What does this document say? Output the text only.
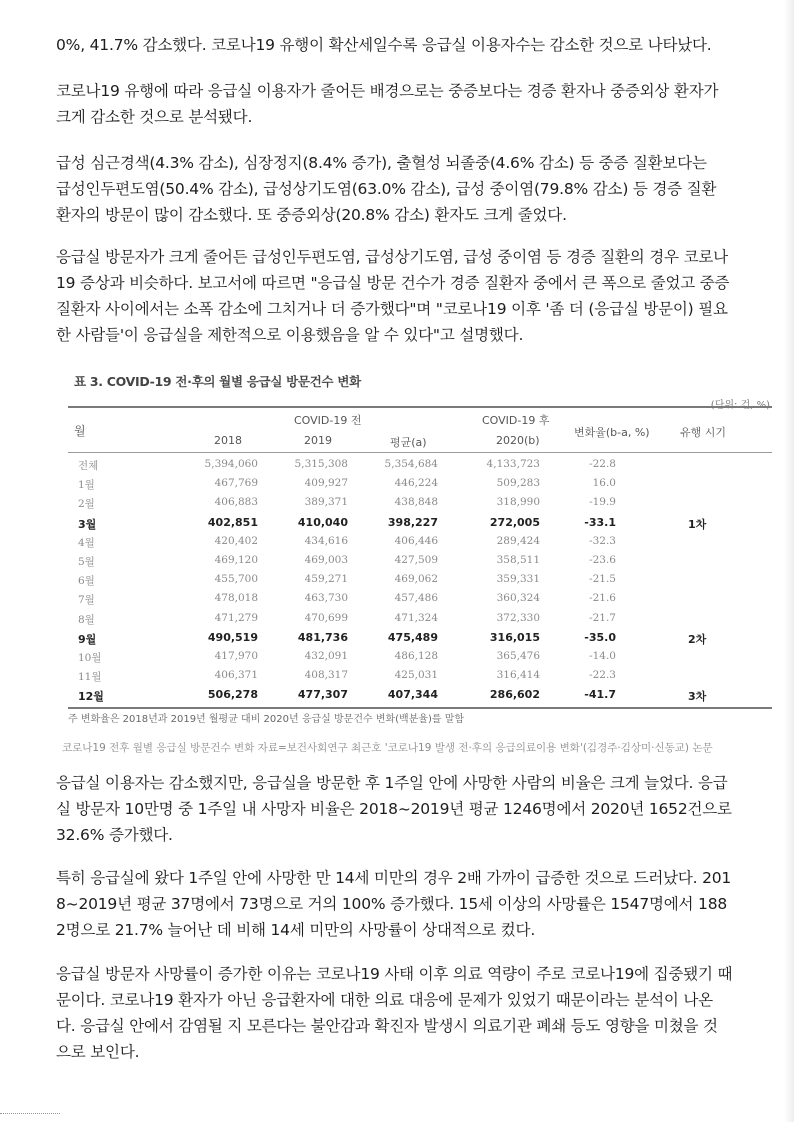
0%, 41.7% 감소했다. 코로나19 유행이 확산세일수록 응급실 이용자수는 감소한 것으로 나타났다.
코로나19 유행에 따라 응급실 이용자가 줄어든 배경으로는 중증보다는 경증 환자나 중증외상 환자가
크게 감소한 것으로 분석됐다.
급성 심근경색(4.3% 감소), 심장정지(8.4% 증가), 출혈성 뇌졸중(4.6% 감소) 등 중증 질환보다는
급성인두편도염(50.4% 감소), 급성상기도염(63.0% 감소), 급성 중이염(79.8% 감소) 등 경증 질환
환자의 방문이 많이 감소했다. 또 중증외상(20.8% 감소) 환자도 크게 줄었다.
응급실 방문자가 크게 줄어든 급성인두편도염, 급성상기도염, 급성 중이염 등 경증 질환의 경우 코로나
19 증상과 비슷하다. 보고서에 따르면 "응급실 방문 건수가 경증 질환자 중에서 큰 폭으로 줄었고 중증
질환자 사이에서는 소폭 감소에 그치거나 더 증가했다"며 "코로나19 이후 '좀 더 (응급실 방문이) 필요
한 사람들'이 응급실을 제한적으로 이용했음을 알 수 있다"고 설명했다.
표 3. COVID-19 전·후의 월별 응급실 방문건수 변화
(단위: 건, %)
월
COVID-19 전	COVID-19 후
2018	2019	평균(a)	2020(b)
변화율(b-a, %)	유행 시기
전체	5,394,060	5,315,308	5,354,684	4,133,723	-22.8
1월	467,769	409,927	446,224	509,283	16.0
2월	406,883	389,371	438,848	318,990	-19.9
3월	402,851	410,040	398,227	272,005	-33.1	1차
4월	420,402	434,616	406,446	289,424	-32.3
5월	469,120	469,003	427,509	358,511	-23.6
6월	455,700	459,271	469,062	359,331	-21.5
7월	478,018	463,730	457,486	360,324	-21.6
8월	471,279	470,699	471,324	372,330	-21.7
9월	490,519	481,736	475,489	316,015	-35.0	2차
10월	417,970	432,091	486,128	365,476	-14.0
11월	406,371	408,317	425,031	316,414	-22.3
12월	506,278	477,307	407,344	286,602	-41.7	3차
주 변화율은 2018년과 2019년 월평균 대비 2020년 응급실 방문건수 변화(백분율)를 말함
코로나19 전후 월별 응급실 방문건수 변화 자료=보건사회연구 최근호 '코로나19 발생 전·후의 응급의료이용 변화'(김경주·김상미·신동교) 논문
응급실 이용자는 감소했지만, 응급실을 방문한 후 1주일 안에 사망한 사람의 비율은 크게 늘었다. 응급
실 방문자 10만명 중 1주일 내 사망자 비율은 2018~2019년 평균 1246명에서 2020년 1652건으로
32.6% 증가했다.
특히 응급실에 왔다 1주일 안에 사망한 만 14세 미만의 경우 2배 가까이 급증한 것으로 드러났다. 201
8~2019년 평균 37명에서 73명으로 거의 100% 증가했다. 15세 이상의 사망률은 1547명에서 188
2명으로 21.7% 늘어난 데 비해 14세 미만의 사망률이 상대적으로 컸다.
응급실 방문자 사망률이 증가한 이유는 코로나19 사태 이후 의료 역량이 주로 코로나19에 집중됐기 때
문이다. 코로나19 환자가 아닌 응급환자에 대한 의료 대응에 문제가 있었기 때문이라는 분석이 나온
다. 응급실 안에서 감염될 지 모른다는 불안감과 확진자 발생시 의료기관 폐쇄 등도 영향을 미쳤을 것
으로 보인다.
